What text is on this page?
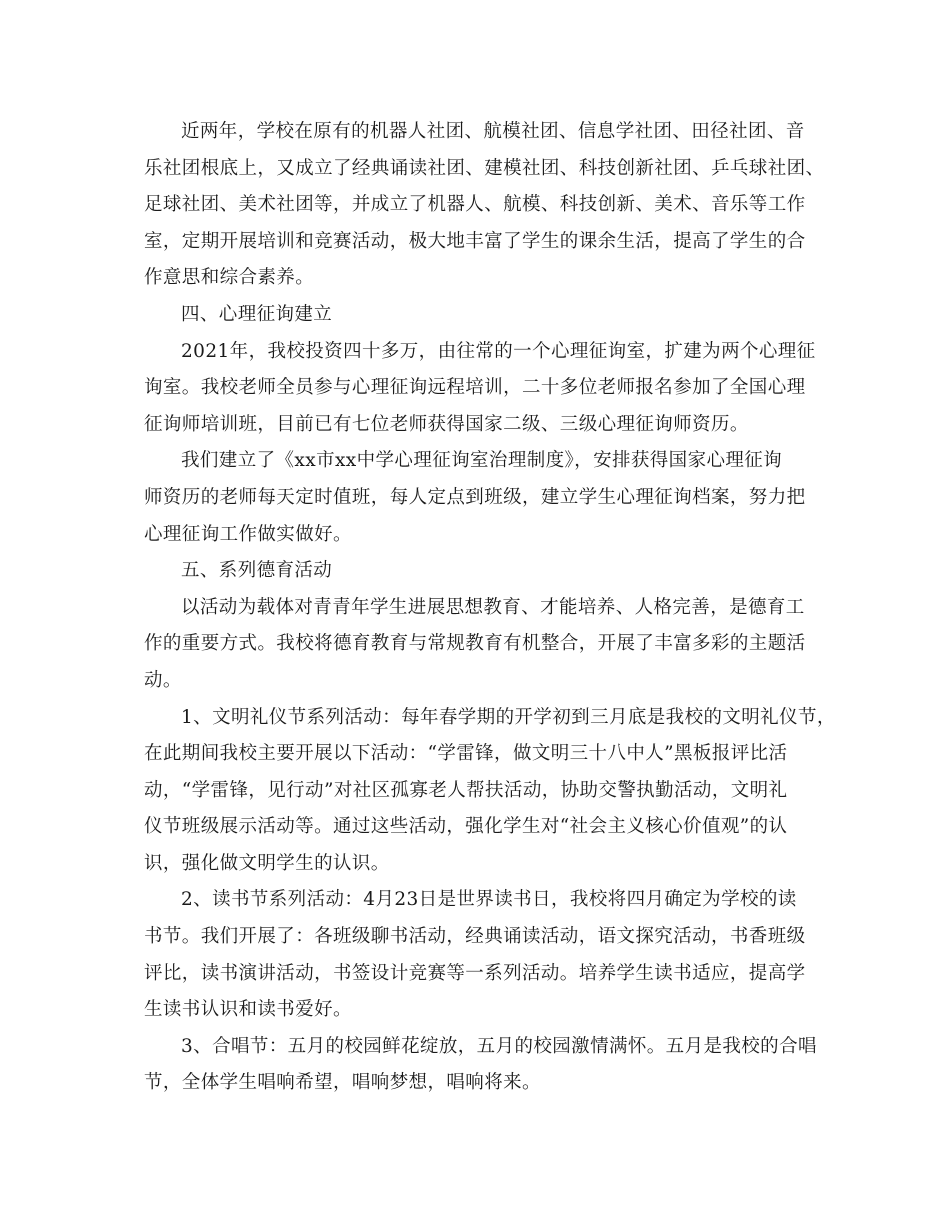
近两年，学校在原有的机器人社团、航模社团、信息学社团、田径社团、音
乐社团根底上，又成立了经典诵读社团、建模社团、科技创新社团、乒乓球社团、
足球社团、美术社团等，并成立了机器人、航模、科技创新、美术、音乐等工作
室，定期开展培训和竞赛活动，极大地丰富了学生的课余生活，提高了学生的合
作意思和综合素养。
四、心理征询建立
2021年，我校投资四十多万，由往常的一个心理征询室，扩建为两个心理征
询室。我校老师全员参与心理征询远程培训，二十多位老师报名参加了全国心理
征询师培训班，目前已有七位老师获得国家二级、三级心理征询师资历。
我们建立了《xx市xx中学心理征询室治理制度》，安排获得国家心理征询
师资历的老师每天定时值班，每人定点到班级，建立学生心理征询档案，努力把
心理征询工作做实做好。
五、系列德育活动
以活动为载体对青青年学生进展思想教育、才能培养、人格完善，是德育工
作的重要方式。我校将德育教育与常规教育有机整合，开展了丰富多彩的主题活
动。
1、文明礼仪节系列活动：每年春学期的开学初到三月底是我校的文明礼仪节，
在此期间我校主要开展以下活动：“学雷锋，做文明三十八中人”黑板报评比活
动，“学雷锋，见行动”对社区孤寡老人帮扶活动，协助交警执勤活动，文明礼
仪节班级展示活动等。通过这些活动，强化学生对“社会主义核心价值观”的认
识，强化做文明学生的认识。
2、读书节系列活动：4月23日是世界读书日，我校将四月确定为学校的读
书节。我们开展了：各班级聊书活动，经典诵读活动，语文探究活动，书香班级
评比，读书演讲活动，书签设计竞赛等一系列活动。培养学生读书适应，提高学
生读书认识和读书爱好。
3、合唱节：五月的校园鲜花绽放，五月的校园激情满怀。五月是我校的合唱
节，全体学生唱响希望，唱响梦想，唱响将来。
